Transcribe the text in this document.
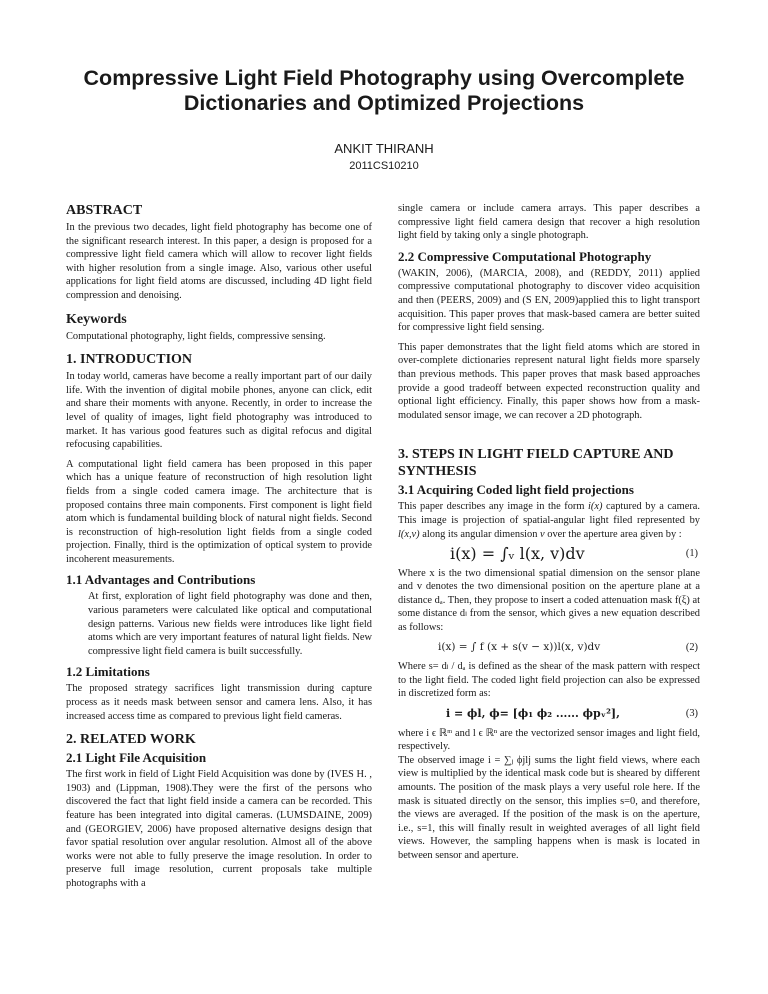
Compressive Light Field Photography using Overcomplete Dictionaries and Optimized Projections
ANKIT THIRANH
2011CS10210
ABSTRACT

In the previous two decades, light field photography has become one of the significant research interest. In this paper, a design is proposed for a compressive light field camera which will allow to recover light fields with higher resolution from a single image. Also, various other useful applications for light field atoms are discussed, including 4D light field compression and denoising.

Keywords

Computational photography, light fields, compressive sensing.

1. INTRODUCTION

In today world, cameras have become a really important part of our daily life. With the invention of digital mobile phones, anyone can click, edit and share their moments with anyone. Recently, in order to increase the level of quality of images, light field photography was introduced to market. It has various good features such as digital refocus and digital refocusing capabilities.

A computational light field camera has been proposed in this paper which has a unique feature of reconstruction of high resolution light fields from a single coded camera image. The architecture that is proposed contains three main components. First component is light field atom which is fundamental building block of natural night fields. Second is reconstruction of high-resolution light fields from a single coded projection. Finally, third is the optimization of optical system to provide incoherent measurements.

1.1 Advantages and Contributions

At first, exploration of light field photography was done and then, various parameters were calculated like optical and computational design patterns. Various new fields were introduces like light field atoms which are very important features of natural light fields. New compressive light field camera is built successfully.

1.2 Limitations

The proposed strategy sacrifices light transmission during capture process as it needs mask between sensor and camera lens. Also, it has increased access time as compared to previous light field cameras.

2. RELATED WORK
2.1 Light File Acquisition

The first work in field of Light Field Acquisition was done by (IVES H. , 1903) and (Lippman, 1908).They were the first of the persons who discovered the fact that light field inside a camera can be recorded. This feature has been integrated into digital cameras. (LUMSDAINE, 2009) and (GEORGIEV, 2006) have proposed alternative designs design that favor spatial resolution over angular resolution. Almost all of the above works were not able to fully preserve the image resolution. In order to preserve full image resolution, current proposals take multiple photographs with a

single camera or include camera arrays. This paper describes a compressive light field camera design that recover a high resolution light field by taking only a single photograph.

2.2 Compressive Computational Photography

(WAKIN, 2006), (MARCIA, 2008), and (REDDY, 2011) applied compressive computational photography to discover video acquisition and then (PEERS, 2009) and (S EN, 2009)applied this to light transport acquisition. This paper proves that mask-based camera are better suited for compressive light field sensing.

This paper demonstrates that the light field atoms which are stored in over-complete dictionaries represent natural light fields more sparsely than previous methods. This paper proves that mask based approaches provide a good tradeoff between expected reconstruction quality and optional light efficiency. Finally, this paper shows how from a mask-modulated sensor image, we can recover a 2D photograph.

3. STEPS IN LIGHT FIELD CAPTURE AND SYNTHESIS
3.1 Acquiring Coded light field projections

This paper describes any image in the form i(x) captured by a camera. This image is projection of spatial-angular light filed represented by l(x,v) along its angular dimension v over the aperture area given by :

i(x) = ∫ᵥ l(x, v)dv	(1)

Where x is the two dimensional spatial dimension on the sensor plane and v denotes the two dimensional position on the aperture plane at a distance dₐ. Then, they propose to insert a coded attenuation mask f(ξ) at some distance dₗ from the sensor, which gives a new equation described as follows:

i(x) = ∫ f (x + s(v − x))l(x, v)dv	(2)

Where s= dₗ / dₐ is defined as the shear of the mask pattern with respect to the light field. The coded light field projection can also be expressed in discretized form as:

i = ϕl, ϕ= [ϕ₁ ϕ₂ ...... ϕpᵥ²],	(3)

where i ϵ ℝᵐ and l ϵ ℝⁿ are the vectorized sensor images and light field, respectively.

The observed image i = ∑ⱼ ϕjlj sums the light field views, where each view is multiplied by the identical mask code but is sheared by different amounts. The position of the mask plays a very useful role here. If the mask is situated directly on the sensor, this implies s=0, and therefore, the views are averaged. If the position of the mask is on the aperture, i.e., s=1, this will finally result in weighted averages of all light field views. However, the sampling happens when is mask is located in between sensor and aperture.
